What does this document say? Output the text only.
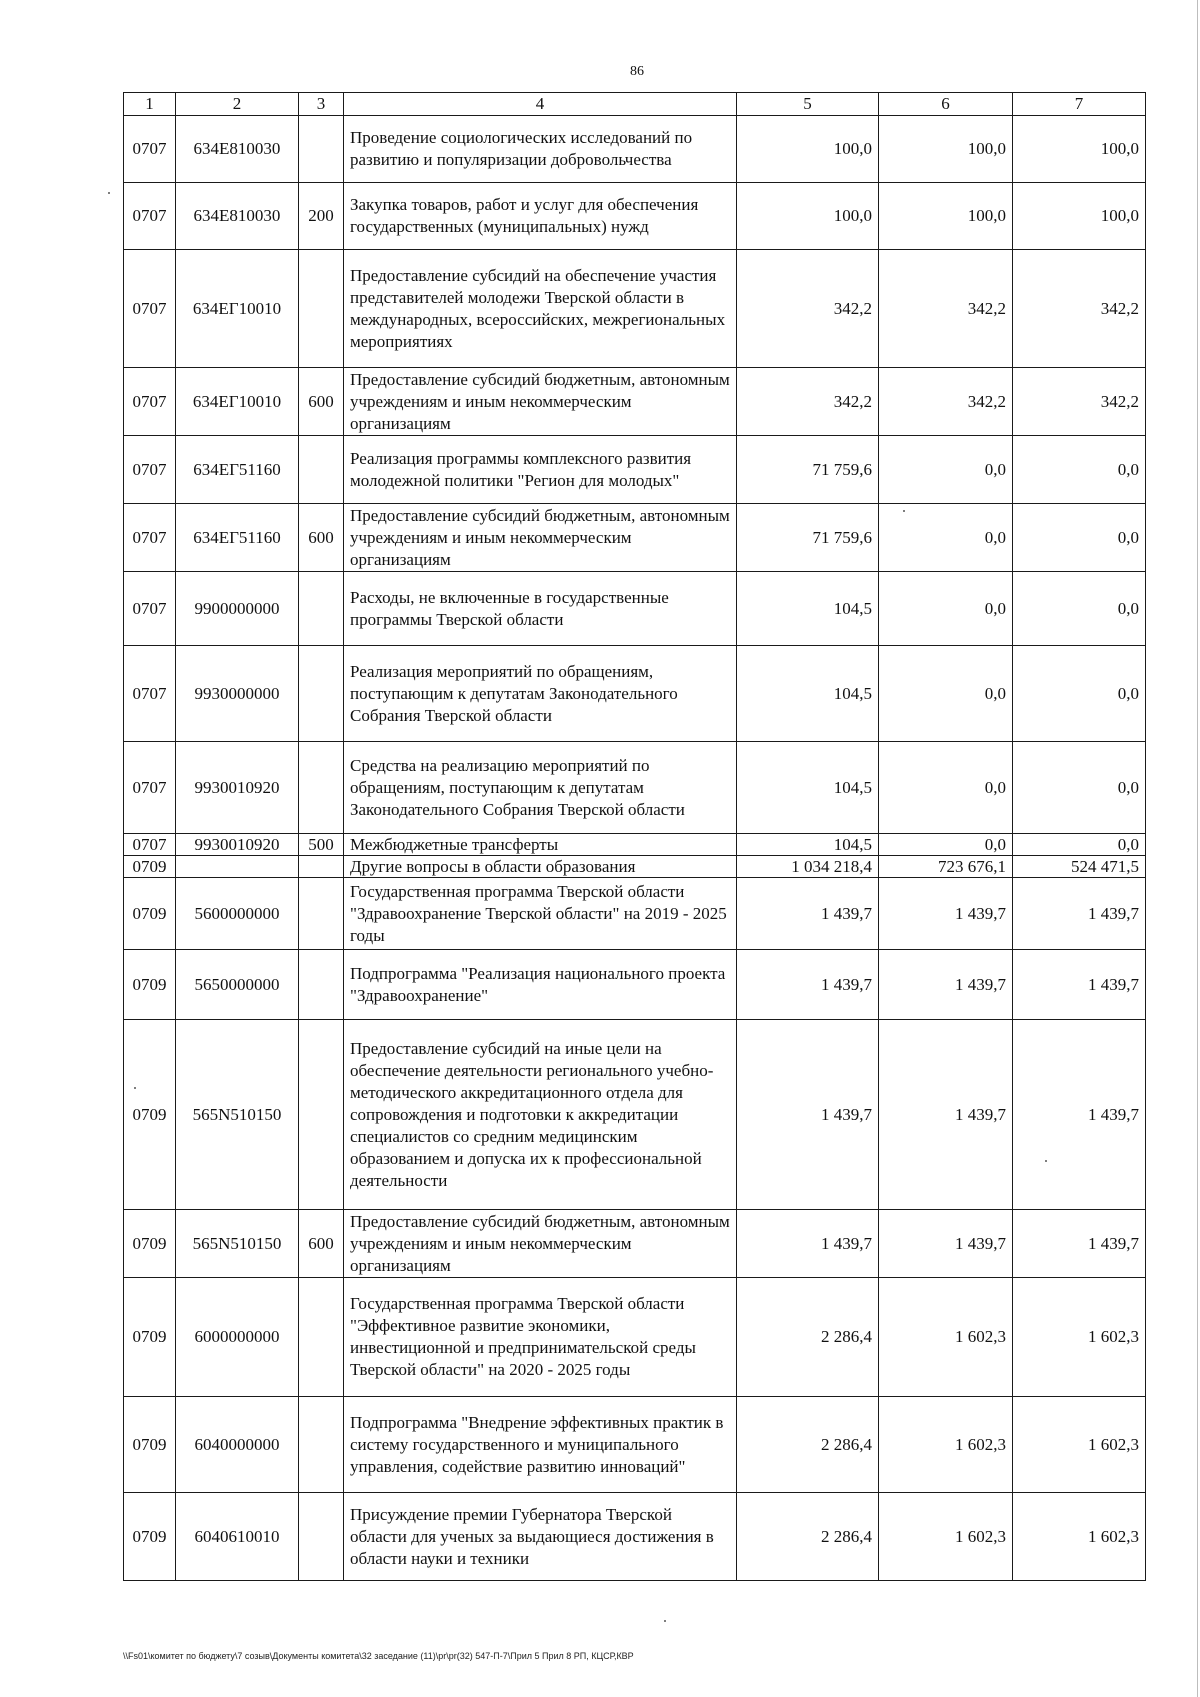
86
1	2	3	4	5	6	7
0707	634E810030		Проведение социологических исследований по развитию и популяризации добровольчества	100,0	100,0	100,0
0707	634E810030	200	Закупка товаров, работ и услуг для обеспечения государственных (муниципальных) нужд	100,0	100,0	100,0
0707	634ЕГ10010		Предоставление субсидий на обеспечение участия представителей молодежи Тверской области в международных, всероссийских, межрегиональных мероприятиях	342,2	342,2	342,2
0707	634ЕГ10010	600	Предоставление субсидий бюджетным, автономным учреждениям и иным некоммерческим организациям	342,2	342,2	342,2
0707	634ЕГ51160		Реализация программы комплексного развития молодежной политики "Регион для молодых"	71 759,6	0,0	0,0
0707	634ЕГ51160	600	Предоставление субсидий бюджетным, автономным учреждениям и иным некоммерческим организациям	71 759,6	0,0	0,0
0707	9900000000		Расходы, не включенные в государственные программы Тверской области	104,5	0,0	0,0
0707	9930000000		Реализация мероприятий по обращениям, поступающим к депутатам Законодательного Собрания Тверской области	104,5	0,0	0,0
0707	9930010920		Средства на реализацию мероприятий по обращениям, поступающим к депутатам Законодательного Собрания Тверской области	104,5	0,0	0,0
0707	9930010920	500	Межбюджетные трансферты	104,5	0,0	0,0
0709			Другие вопросы в области образования	1 034 218,4	723 676,1	524 471,5
0709	5600000000		Государственная программа Тверской области "Здравоохранение Тверской области" на 2019 - 2025 годы	1 439,7	1 439,7	1 439,7
0709	5650000000		Подпрограмма "Реализация национального проекта "Здравоохранение"	1 439,7	1 439,7	1 439,7
0709	565N510150		Предоставление субсидий на иные цели на обеспечение деятельности регионального учебно-методического аккредитационного отдела для сопровождения и подготовки к аккредитации специалистов со средним медицинским образованием и допуска их к профессиональной деятельности	1 439,7	1 439,7	1 439,7
0709	565N510150	600	Предоставление субсидий бюджетным, автономным учреждениям и иным некоммерческим организациям	1 439,7	1 439,7	1 439,7
0709	6000000000		Государственная программа Тверской области "Эффективное развитие экономики, инвестиционной и предпринимательской среды Тверской области" на 2020 - 2025 годы	2 286,4	1 602,3	1 602,3
0709	6040000000		Подпрограмма "Внедрение эффективных практик в систему государственного и муниципального управления, содействие развитию инноваций"	2 286,4	1 602,3	1 602,3
0709	6040610010		Присуждение премии Губернатора Тверской области для ученых за выдающиеся достижения в области науки и техники	2 286,4	1 602,3	1 602,3
\\Fs01\комитет по бюджету\7 созыв\Документы комитета\32 заседание (11)\pr\pr(32) 547-П-7\Прил 5 Прил 8 РП, КЦСР,КВР
